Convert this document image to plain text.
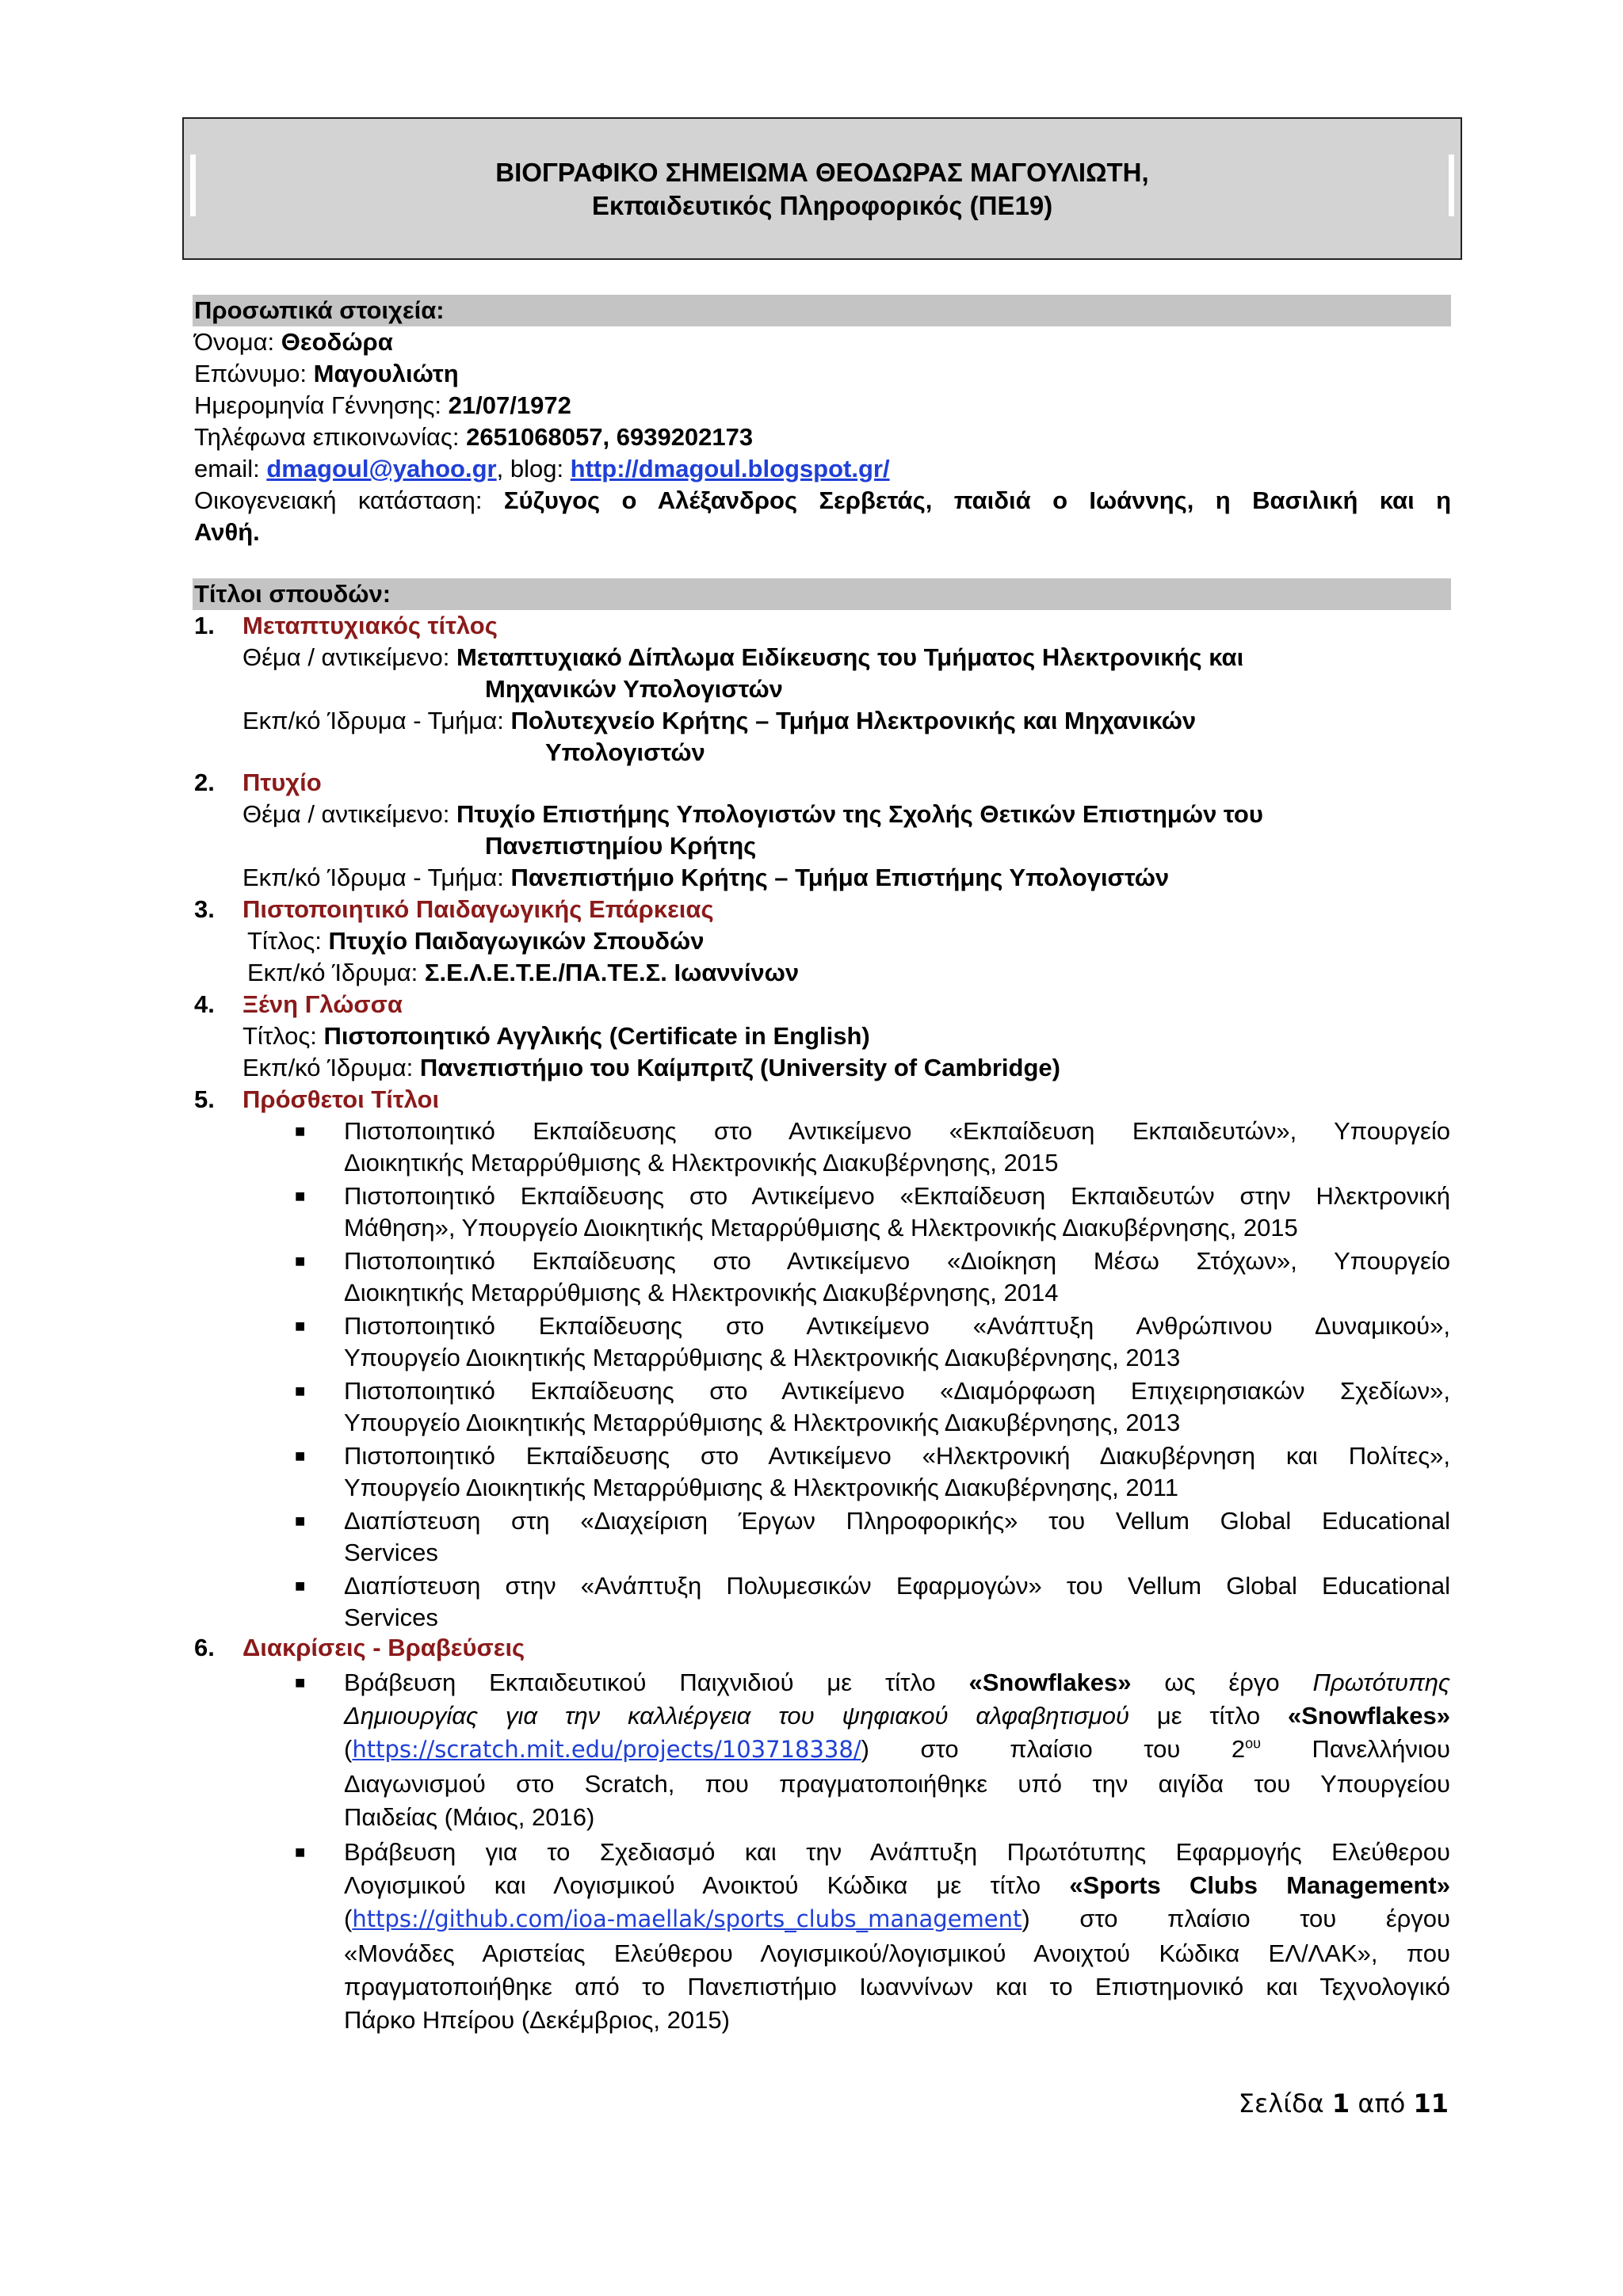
ΒΙΟΓΡΑΦΙΚΟ ΣΗΜΕΙΩΜΑ ΘΕΟΔΩΡΑΣ ΜΑΓΟΥΛΙΩΤΗ,
Εκπαιδευτικός Πληροφορικός (ΠΕ19)
Προσωπικά στοιχεία:
Όνομα: Θεοδώρα
Επώνυμο: Μαγουλιώτη
Ημερομηνία Γέννησης: 21/07/1972
Τηλέφωνα επικοινωνίας: 2651068057, 6939202173
email: dmagoul@yahoo.gr, blog: http://dmagoul.blogspot.gr/
Οικογενειακή κατάσταση: Σύζυγος ο Αλέξανδρος Σερβετάς, παιδιά ο Ιωάννης, η Βασιλική και η
Ανθή.
Τίτλοι σπουδών:
1. Μεταπτυχιακός τίτλος
Θέμα / αντικείμενο: Μεταπτυχιακό Δίπλωμα Ειδίκευσης του Τμήματος Ηλεκτρονικής και
Μηχανικών Υπολογιστών
Εκπ/κό Ίδρυμα - Τμήμα: Πολυτεχνείο Κρήτης – Τμήμα Ηλεκτρονικής και Μηχανικών
Υπολογιστών
2. Πτυχίο
Θέμα / αντικείμενο: Πτυχίο Επιστήμης Υπολογιστών της Σχολής Θετικών Επιστημών του
Πανεπιστημίου Κρήτης
Εκπ/κό Ίδρυμα - Τμήμα: Πανεπιστήμιο Κρήτης – Τμήμα Επιστήμης Υπολογιστών
3. Πιστοποιητικό Παιδαγωγικής Επάρκειας
Τίτλος: Πτυχίο Παιδαγωγικών Σπουδών
Εκπ/κό Ίδρυμα: Σ.Ε.Λ.Ε.Τ.Ε./ΠΑ.ΤΕ.Σ. Ιωαννίνων
4. Ξένη Γλώσσα
Τίτλος: Πιστοποιητικό Αγγλικής (Certificate in English)
Εκπ/κό Ίδρυμα: Πανεπιστήμιο του Καίμπριτζ (University of Cambridge)
5. Πρόσθετοι Τίτλοι
■ Πιστοποιητικό Εκπαίδευσης στο Αντικείμενο «Εκπαίδευση Εκπαιδευτών», Υπουργείο
Διοικητικής Μεταρρύθμισης & Ηλεκτρονικής Διακυβέρνησης, 2015
■ Πιστοποιητικό Εκπαίδευσης στο Αντικείμενο «Εκπαίδευση Εκπαιδευτών στην Ηλεκτρονική
Μάθηση», Υπουργείο Διοικητικής Μεταρρύθμισης & Ηλεκτρονικής Διακυβέρνησης, 2015
■ Πιστοποιητικό Εκπαίδευσης στο Αντικείμενο «Διοίκηση Μέσω Στόχων», Υπουργείο
Διοικητικής Μεταρρύθμισης & Ηλεκτρονικής Διακυβέρνησης, 2014
■ Πιστοποιητικό Εκπαίδευσης στο Αντικείμενο «Ανάπτυξη Ανθρώπινου Δυναμικού»,
Υπουργείο Διοικητικής Μεταρρύθμισης & Ηλεκτρονικής Διακυβέρνησης, 2013
■ Πιστοποιητικό Εκπαίδευσης στο Αντικείμενο «Διαμόρφωση Επιχειρησιακών Σχεδίων»,
Υπουργείο Διοικητικής Μεταρρύθμισης & Ηλεκτρονικής Διακυβέρνησης, 2013
■ Πιστοποιητικό Εκπαίδευσης στο Αντικείμενο «Ηλεκτρονική Διακυβέρνηση και Πολίτες»,
Υπουργείο Διοικητικής Μεταρρύθμισης & Ηλεκτρονικής Διακυβέρνησης, 2011
■ Διαπίστευση στη «Διαχείριση Έργων Πληροφορικής» του Vellum Global Educational
Services
■ Διαπίστευση στην «Ανάπτυξη Πολυμεσικών Εφαρμογών» του Vellum Global Educational
Services
6. Διακρίσεις - Βραβεύσεις
■ Βράβευση Εκπαιδευτικού Παιχνιδιού με τίτλο «Snowflakes» ως έργο Πρωτότυπης
Δημιουργίας για την καλλιέργεια του ψηφιακού αλφαβητισμού με τίτλο «Snowflakes»
(https://scratch.mit.edu/projects/103718338/) στο πλαίσιο του $2^{o\upsilon}$ Πανελλήνιου
Διαγωνισμού στο Scratch, που πραγματοποιήθηκε υπό την αιγίδα του Υπουργείου
Παιδείας (Μάιος, 2016)
■ Βράβευση για το Σχεδιασμό και την Ανάπτυξη Πρωτότυπης Εφαρμογής Ελεύθερου
Λογισμικού και Λογισμικού Ανοικτού Κώδικα με τίτλο «Sports Clubs Management»
(https://github.com/ioa-maellak/sports_clubs_management) στο πλαίσιο του έργου
«Μονάδες Αριστείας Ελεύθερου Λογισμικού/λογισμικού Ανοιχτού Κώδικα ΕΛ/ΛΑΚ», που
πραγματοποιήθηκε από το Πανεπιστήμιο Ιωαννίνων και το Επιστημονικό και Τεχνολογικό
Πάρκο Ηπείρου (Δεκέμβριος, 2015)
Σελίδα 1 από 11
